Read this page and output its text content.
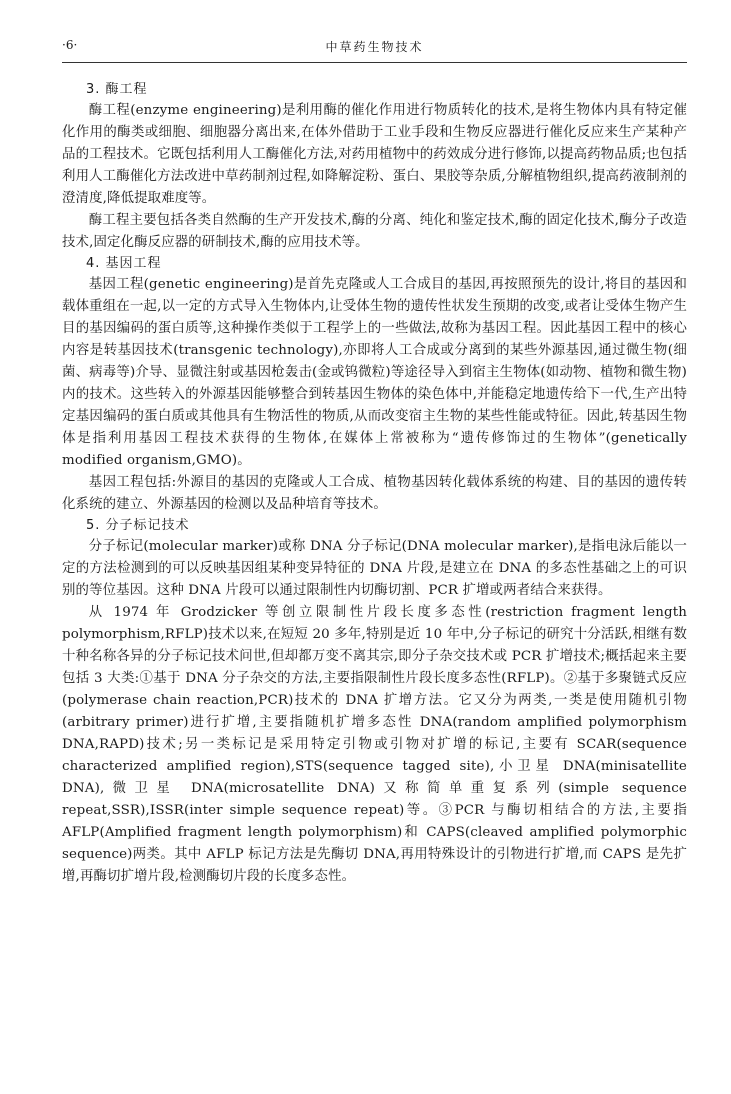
·6·	中草药生物技术
3. 酶工程

酶工程(enzyme engineering)是利用酶的催化作用进行物质转化的技术,是将生物体内具有特定催化作用的酶类或细胞、细胞器分离出来,在体外借助于工业手段和生物反应器进行催化反应来生产某种产品的工程技术。它既包括利用人工酶催化方法,对药用植物中的药效成分进行修饰,以提高药物品质;也包括利用人工酶催化方法改进中草药制剂过程,如降解淀粉、蛋白、果胶等杂质,分解植物组织,提高药液制剂的澄清度,降低提取难度等。

酶工程主要包括各类自然酶的生产开发技术,酶的分离、纯化和鉴定技术,酶的固定化技术,酶分子改造技术,固定化酶反应器的研制技术,酶的应用技术等。

4. 基因工程

基因工程(genetic engineering)是首先克隆或人工合成目的基因,再按照预先的设计,将目的基因和载体重组在一起,以一定的方式导入生物体内,让受体生物的遗传性状发生预期的改变,或者让受体生物产生目的基因编码的蛋白质等,这种操作类似于工程学上的一些做法,故称为基因工程。因此基因工程中的核心内容是转基因技术(transgenic technology),亦即将人工合成或分离到的某些外源基因,通过微生物(细菌、病毒等)介导、显微注射或基因枪轰击(金或钨微粒)等途径导入到宿主生物体(如动物、植物和微生物)内的技术。这些转入的外源基因能够整合到转基因生物体的染色体中,并能稳定地遗传给下一代,生产出特定基因编码的蛋白质或其他具有生物活性的物质,从而改变宿主生物的某些性能或特征。因此,转基因生物体是指利用基因工程技术获得的生物体,在媒体上常被称为“遗传修饰过的生物体”(genetically modified organism,GMO)。

基因工程包括:外源目的基因的克隆或人工合成、植物基因转化载体系统的构建、目的基因的遗传转化系统的建立、外源基因的检测以及品种培育等技术。

5. 分子标记技术

分子标记(molecular marker)或称 DNA 分子标记(DNA molecular marker),是指电泳后能以一定的方法检测到的可以反映基因组某种变异特征的 DNA 片段,是建立在 DNA 的多态性基础之上的可识别的等位基因。这种 DNA 片段可以通过限制性内切酶切割、PCR 扩增或两者结合来获得。

从 1974 年 Grodzicker 等创立限制性片段长度多态性(restriction fragment length polymorphism,RFLP)技术以来,在短短 20 多年,特别是近 10 年中,分子标记的研究十分活跃,相继有数十种名称各异的分子标记技术问世,但却都万变不离其宗,即分子杂交技术或 PCR 扩增技术;概括起来主要包括 3 大类:①基于 DNA 分子杂交的方法,主要指限制性片段长度多态性(RFLP)。②基于多聚链式反应(polymerase chain reaction,PCR)技术的 DNA 扩增方法。它又分为两类,一类是使用随机引物(arbitrary primer)进行扩增,主要指随机扩增多态性 DNA(random amplified polymorphism DNA,RAPD)技术;另一类标记是采用特定引物或引物对扩增的标记,主要有 SCAR(sequence characterized amplified region),STS(sequence tagged site),小卫星 DNA(minisatellite DNA),微卫星 DNA(microsatellite DNA)又称简单重复系列(simple sequence repeat,SSR),ISSR(inter simple sequence repeat)等。③PCR 与酶切相结合的方法,主要指 AFLP(Amplified fragment length polymorphism)和 CAPS(cleaved amplified polymorphic sequence)两类。其中 AFLP 标记方法是先酶切 DNA,再用特殊设计的引物进行扩增,而 CAPS 是先扩增,再酶切扩增片段,检测酶切片段的长度多态性。
